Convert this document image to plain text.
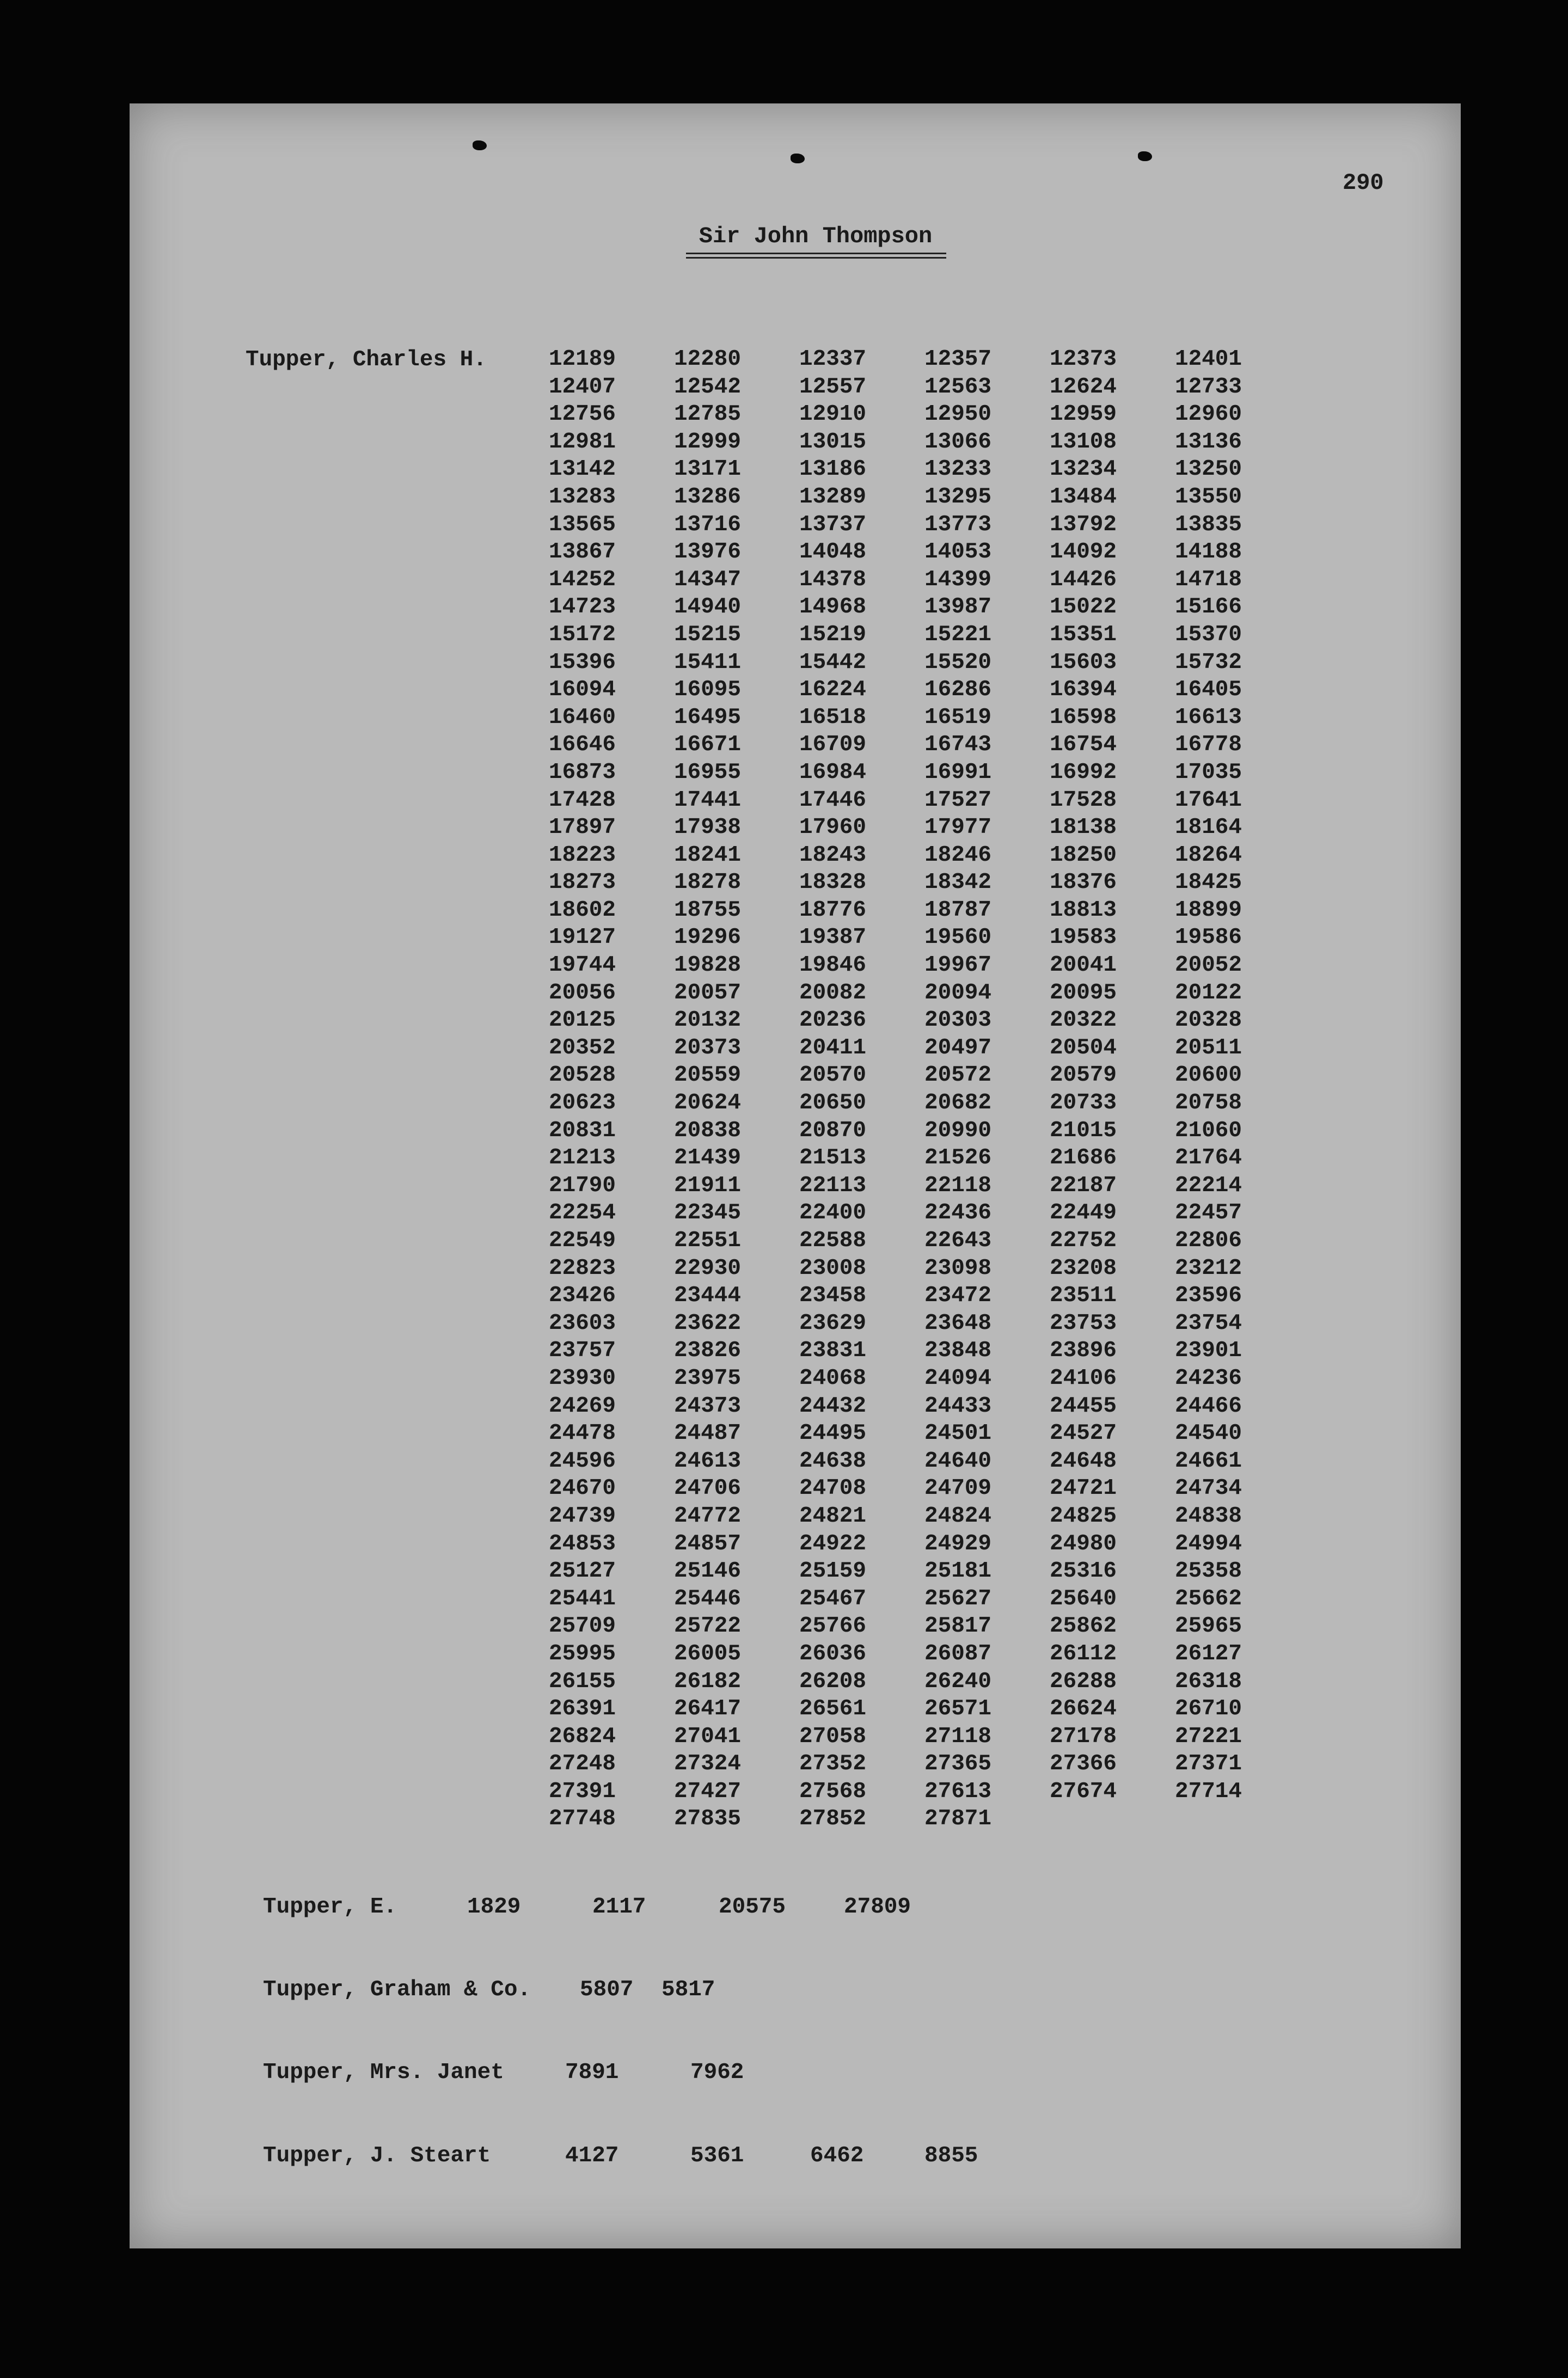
290
Sir John Thompson
Tupper, Charles H.	12189	12280	12337	12357	12373	12401
12407	12542	12557	12563	12624	12733
12756	12785	12910	12950	12959	12960
12981	12999	13015	13066	13108	13136
13142	13171	13186	13233	13234	13250
13283	13286	13289	13295	13484	13550
13565	13716	13737	13773	13792	13835
13867	13976	14048	14053	14092	14188
14252	14347	14378	14399	14426	14718
14723	14940	14968	13987	15022	15166
15172	15215	15219	15221	15351	15370
15396	15411	15442	15520	15603	15732
16094	16095	16224	16286	16394	16405
16460	16495	16518	16519	16598	16613
16646	16671	16709	16743	16754	16778
16873	16955	16984	16991	16992	17035
17428	17441	17446	17527	17528	17641
17897	17938	17960	17977	18138	18164
18223	18241	18243	18246	18250	18264
18273	18278	18328	18342	18376	18425
18602	18755	18776	18787	18813	18899
19127	19296	19387	19560	19583	19586
19744	19828	19846	19967	20041	20052
20056	20057	20082	20094	20095	20122
20125	20132	20236	20303	20322	20328
20352	20373	20411	20497	20504	20511
20528	20559	20570	20572	20579	20600
20623	20624	20650	20682	20733	20758
20831	20838	20870	20990	21015	21060
21213	21439	21513	21526	21686	21764
21790	21911	22113	22118	22187	22214
22254	22345	22400	22436	22449	22457
22549	22551	22588	22643	22752	22806
22823	22930	23008	23098	23208	23212
23426	23444	23458	23472	23511	23596
23603	23622	23629	23648	23753	23754
23757	23826	23831	23848	23896	23901
23930	23975	24068	24094	24106	24236
24269	24373	24432	24433	24455	24466
24478	24487	24495	24501	24527	24540
24596	24613	24638	24640	24648	24661
24670	24706	24708	24709	24721	24734
24739	24772	24821	24824	24825	24838
24853	24857	24922	24929	24980	24994
25127	25146	25159	25181	25316	25358
25441	25446	25467	25627	25640	25662
25709	25722	25766	25817	25862	25965
25995	26005	26036	26087	26112	26127
26155	26182	26208	26240	26288	26318
26391	26417	26561	26571	26624	26710
26824	27041	27058	27118	27178	27221
27248	27324	27352	27365	27366	27371
27391	27427	27568	27613	27674	27714
27748	27835	27852	27871
Tupper, E.	1829	2117	20575	27809
Tupper, Graham & Co. 5807	5817
Tupper, Mrs. Janet	7891	7962
Tupper, J. Steart	4127	5361	6462	8855
